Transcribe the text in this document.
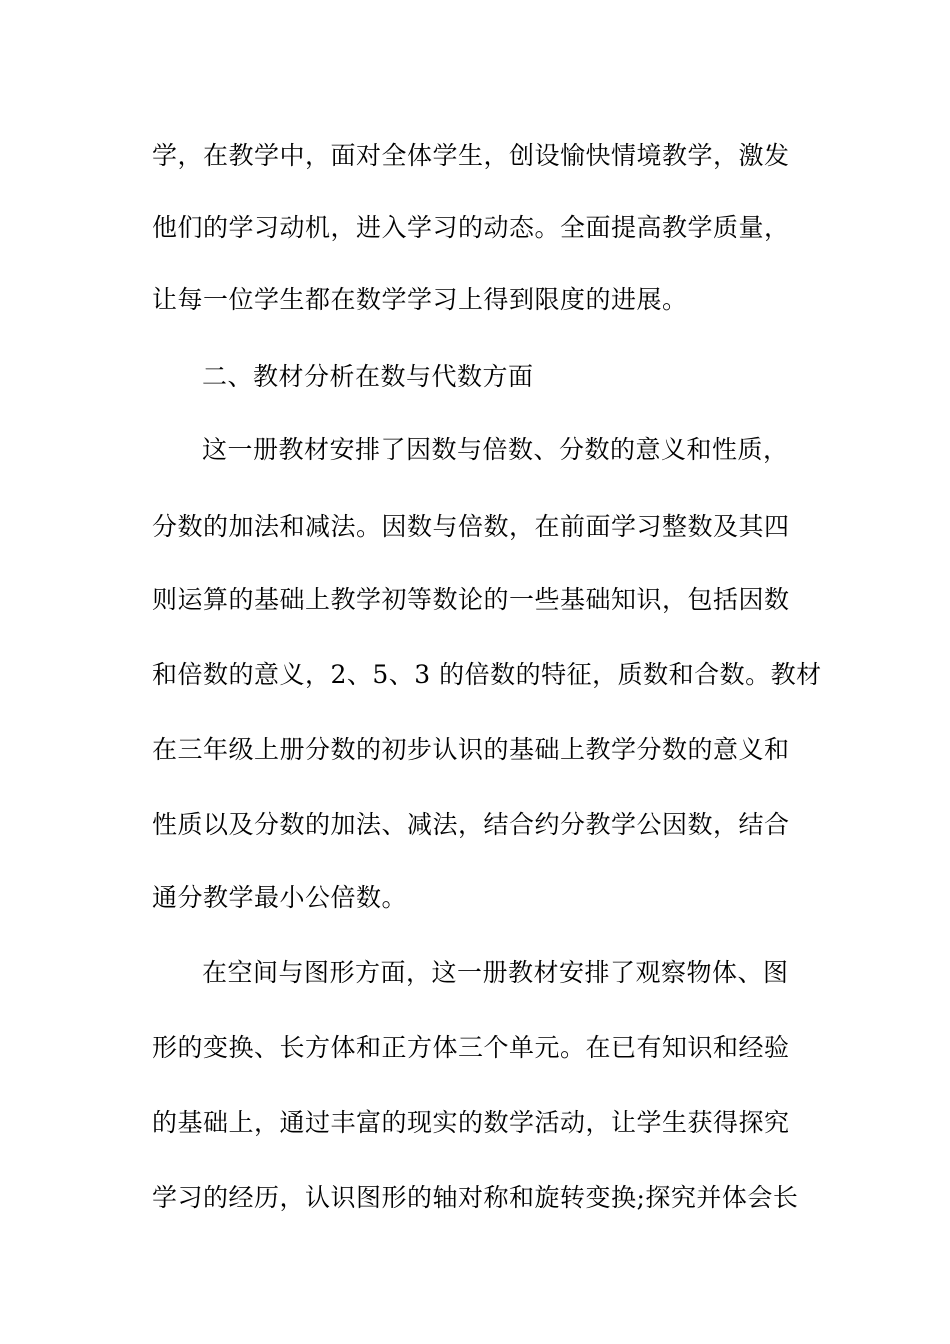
学，在教学中，面对全体学生，创设愉快情境教学，激发
他们的学习动机，进入学习的动态。全面提高教学质量，
让每一位学生都在数学学习上得到限度的进展。
二、教材分析在数与代数方面
这一册教材安排了因数与倍数、分数的意义和性质，
分数的加法和减法。因数与倍数，在前面学习整数及其四
则运算的基础上教学初等数论的一些基础知识，包括因数
和倍数的意义，2、5、3 的倍数的特征，质数和合数。教材
在三年级上册分数的初步认识的基础上教学分数的意义和
性质以及分数的加法、减法，结合约分教学公因数，结合
通分教学最小公倍数。
在空间与图形方面，这一册教材安排了观察物体、图
形的变换、长方体和正方体三个单元。在已有知识和经验
的基础上，通过丰富的现实的数学活动，让学生获得探究
学习的经历，认识图形的轴对称和旋转变换;探究并体会长
